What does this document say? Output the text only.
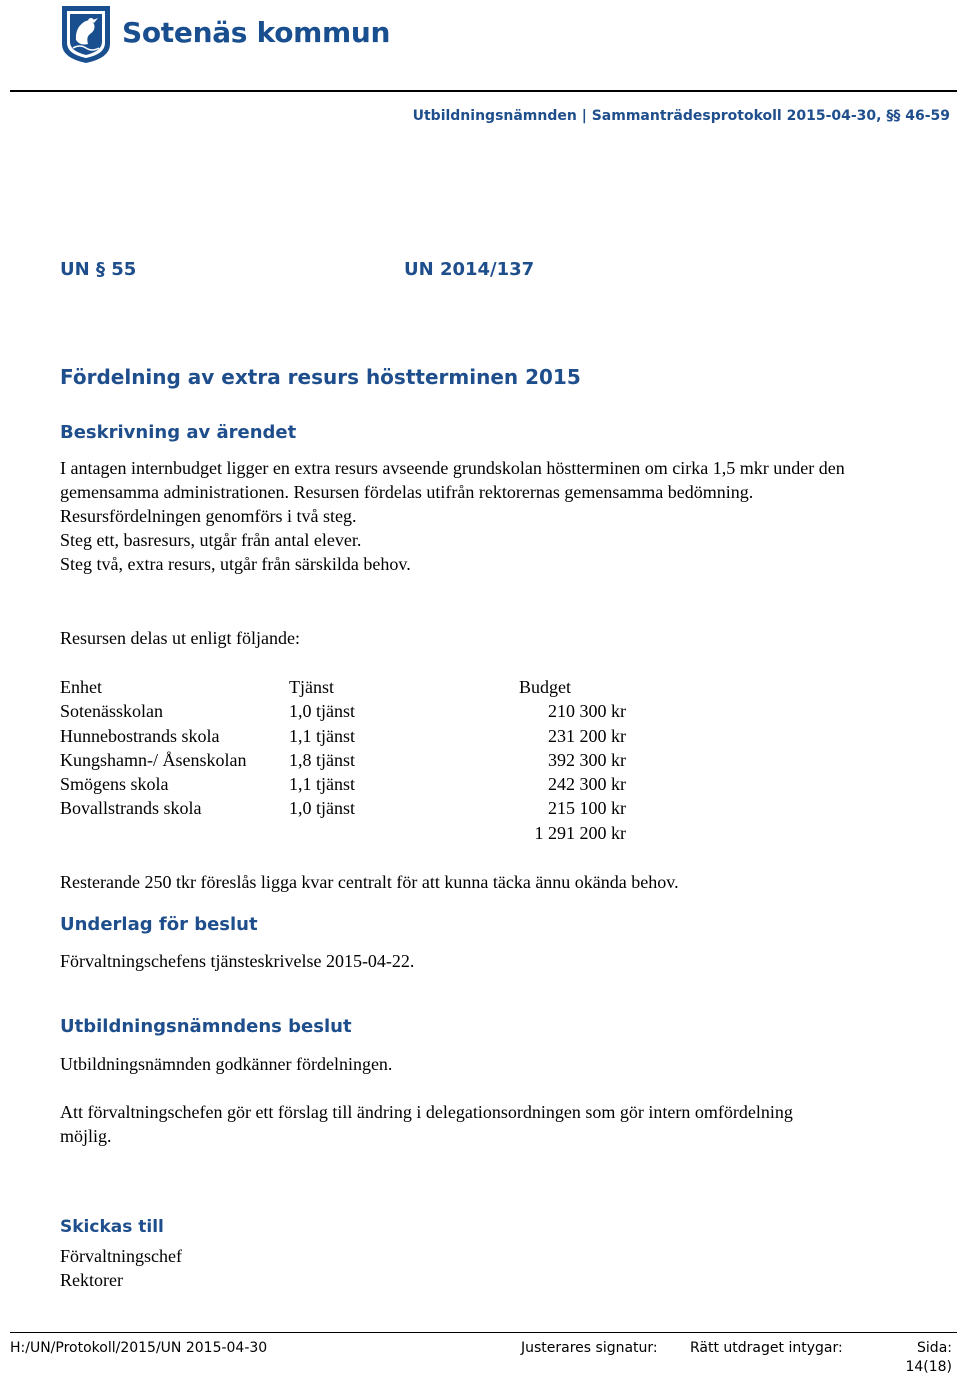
Sotenäs kommun
Utbildningsnämnden | Sammanträdesprotokoll 2015-04-30, §§ 46-59
UN § 55	UN 2014/137
Fördelning av extra resurs höstterminen 2015
Beskrivning av ärendet

I antagen internbudget ligger en extra resurs avseende grundskolan höstterminen om cirka 1,5 mkr under den gemensamma administrationen. Resursen fördelas utifrån rektorernas gemensamma bedömning.

Resursfördelningen genomförs i två steg.

Steg ett, basresurs, utgår från antal elever.

Steg två, extra resurs, utgår från särskilda behov.

Resursen delas ut enligt följande:
Enhet	Tjänst	Budget
Sotenässkolan	1,0 tjänst	210 300 kr
Hunnebostrands skola	1,1 tjänst	231 200 kr
Kungshamn-/ Åsenskolan	1,8 tjänst	392 300 kr
Smögens skola	1,1 tjänst	242 300 kr
Bovallstrands skola	1,0 tjänst	215 100 kr
		1 291 200 kr
Resterande 250 tkr föreslås ligga kvar centralt för att kunna täcka ännu okända behov.
Underlag för beslut
Förvaltningschefens tjänsteskrivelse 2015-04-22.
Utbildningsnämndens beslut
Utbildningsnämnden godkänner fördelningen.
Att förvaltningschefen gör ett förslag till ändring i delegationsordningen som gör intern omfördelning möjlig.
Skickas till

Förvaltningschef

Rektorer

H:/UN/Protokoll/2015/UN 2015-04-30	Justerares signatur: Rätt utdraget intygar:	Sida:
14(18)
